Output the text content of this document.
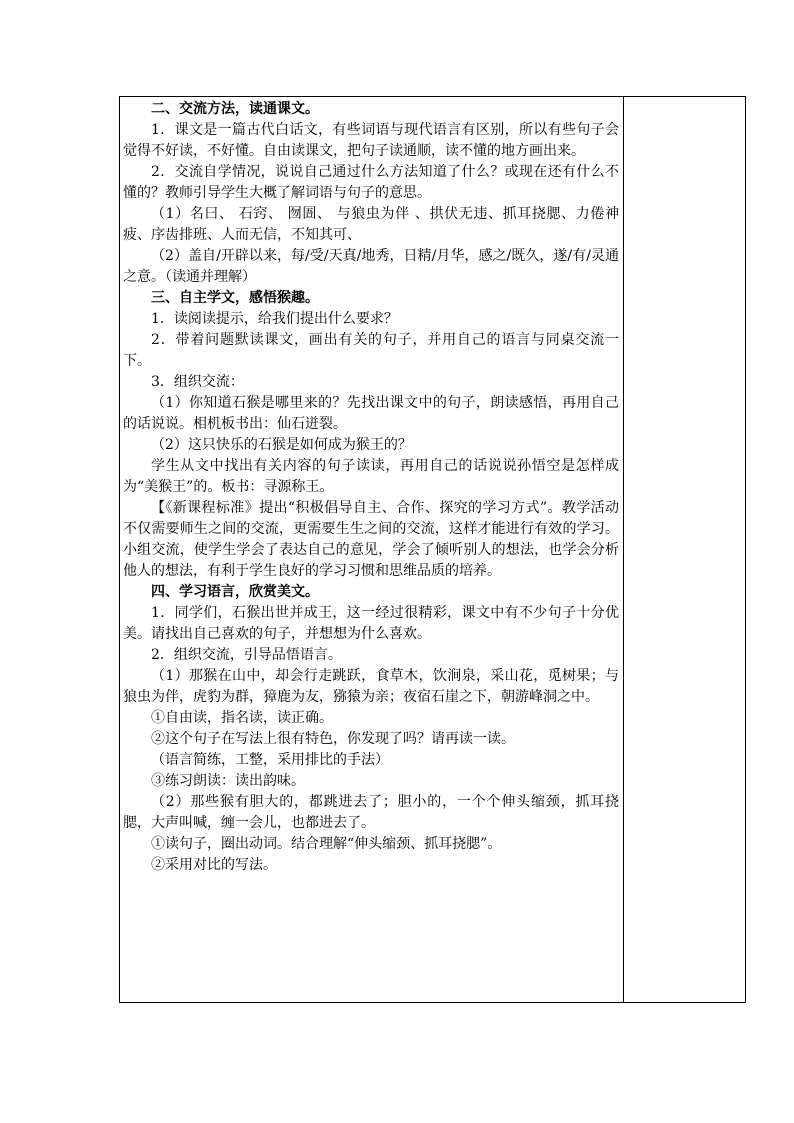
二、交流方法，读通课文。

1．课文是一篇古代白话文，有些词语与现代语言有区别，所以有些句子会觉得不好读，不好懂。自由读课文，把句子读通顺，读不懂的地方画出来。

2．交流自学情况，说说自己通过什么方法知道了什么？或现在还有什么不懂的？教师引导学生大概了解词语与句子的意思。

（1）名曰、 石窍、 囫圄、 与狼虫为伴 、拱伏无违、抓耳挠腮、力倦神疲、序齿排班、人而无信，不知其可、

（2）盖自/开辟以来，每/受/天真/地秀，日精/月华，感之/既久，遂/有/灵通之意。（读通并理解）

三、自主学文，感悟猴趣。

1．读阅读提示，给我们提出什么要求？

2．带着问题默读课文，画出有关的句子，并用自己的语言与同桌交流一下。

3．组织交流：

（1）你知道石猴是哪里来的？先找出课文中的句子，朗读感悟，再用自己的话说说。相机板书出：仙石迸裂。

（2）这只快乐的石猴是如何成为猴王的？

学生从文中找出有关内容的句子读读，再用自己的话说说孙悟空是怎样成为“美猴王”的。板书：寻源称王。

【《新课程标准》提出“积极倡导自主、合作、探究的学习方式”。教学活动不仅需要师生之间的交流，更需要生生之间的交流，这样才能进行有效的学习。小组交流，使学生学会了表达自己的意见，学会了倾听别人的想法，也学会分析他人的想法，有利于学生良好的学习习惯和思维品质的培养。

四、学习语言，欣赏美文。

1．同学们，石猴出世并成王，这一经过很精彩，课文中有不少句子十分优美。请找出自己喜欢的句子，并想想为什么喜欢。

2．组织交流，引导品悟语言。

（1）那猴在山中，却会行走跳跃，食草木，饮涧泉，采山花，觅树果；与狼虫为伴，虎豹为群，獐鹿为友，猕猿为亲；夜宿石崖之下，朝游峰洞之中。

①自由读，指名读，读正确。

②这个句子在写法上很有特色，你发现了吗？请再读一读。

（语言简练，工整，采用排比的手法）

③练习朗读：读出韵味。

（2）那些猴有胆大的，都跳进去了；胆小的，一个个伸头缩颈，抓耳挠腮，大声叫喊，缠一会儿，也都进去了。

①读句子，圈出动词。结合理解“伸头缩颈、抓耳挠腮”。

②采用对比的写法。
